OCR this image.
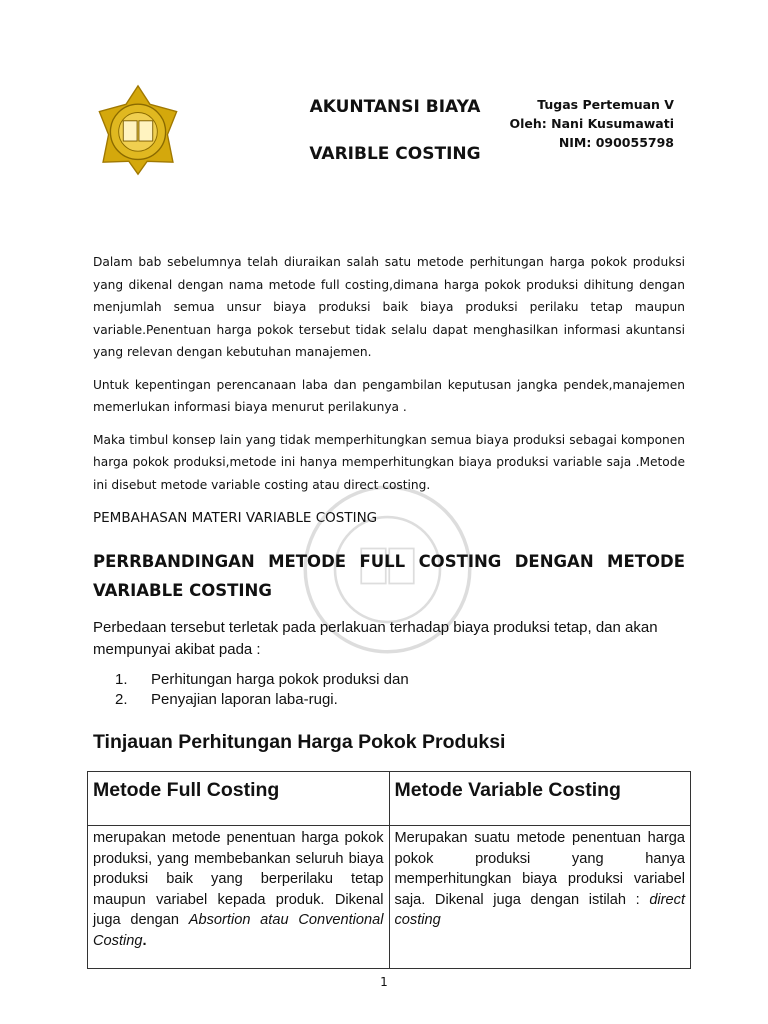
AKUNTANSI BIAYA
VARIBLE COSTING
Tugas Pertemuan V
Oleh: Nani Kusumawati
NIM: 090055798

Dalam bab sebelumnya telah diuraikan salah satu metode perhitungan harga pokok produksi yang dikenal dengan nama metode full costing,dimana harga pokok produksi dihitung dengan menjumlah semua unsur biaya produksi baik biaya produksi perilaku tetap maupun variable.Penentuan harga pokok tersebut tidak selalu dapat menghasilkan informasi akuntansi yang relevan dengan kebutuhan manajemen.

Untuk kepentingan perencanaan laba dan pengambilan keputusan jangka pendek,manajemen memerlukan informasi biaya menurut perilakunya .

Maka timbul konsep lain yang tidak memperhitungkan semua biaya produksi sebagai komponen harga pokok produksi,metode ini hanya memperhitungkan biaya produksi variable saja .Metode ini disebut metode variable costing atau direct costing.

PEMBAHASAN MATERI VARIABLE COSTING
PERRBANDINGAN METODE FULL COSTING DENGAN METODE VARIABLE COSTING
Perbedaan tersebut terletak pada perlakuan terhadap biaya produksi tetap, dan akan mempunyai akibat pada :
1. Perhitungan harga pokok produksi dan
2. Penyajian laporan laba-rugi.
Tinjauan Perhitungan Harga Pokok Produksi
Metode Full Costing	Metode Variable Costing
merupakan metode penentuan harga pokok produksi, yang membebankan seluruh biaya produksi baik yang berperilaku tetap maupun variabel kepada produk. Dikenal juga dengan Absortion atau Conventional Costing.	Merupakan suatu metode penentuan harga pokok produksi yang hanya memperhitungkan biaya produksi variabel saja. Dikenal juga dengan istilah : direct costing
1
